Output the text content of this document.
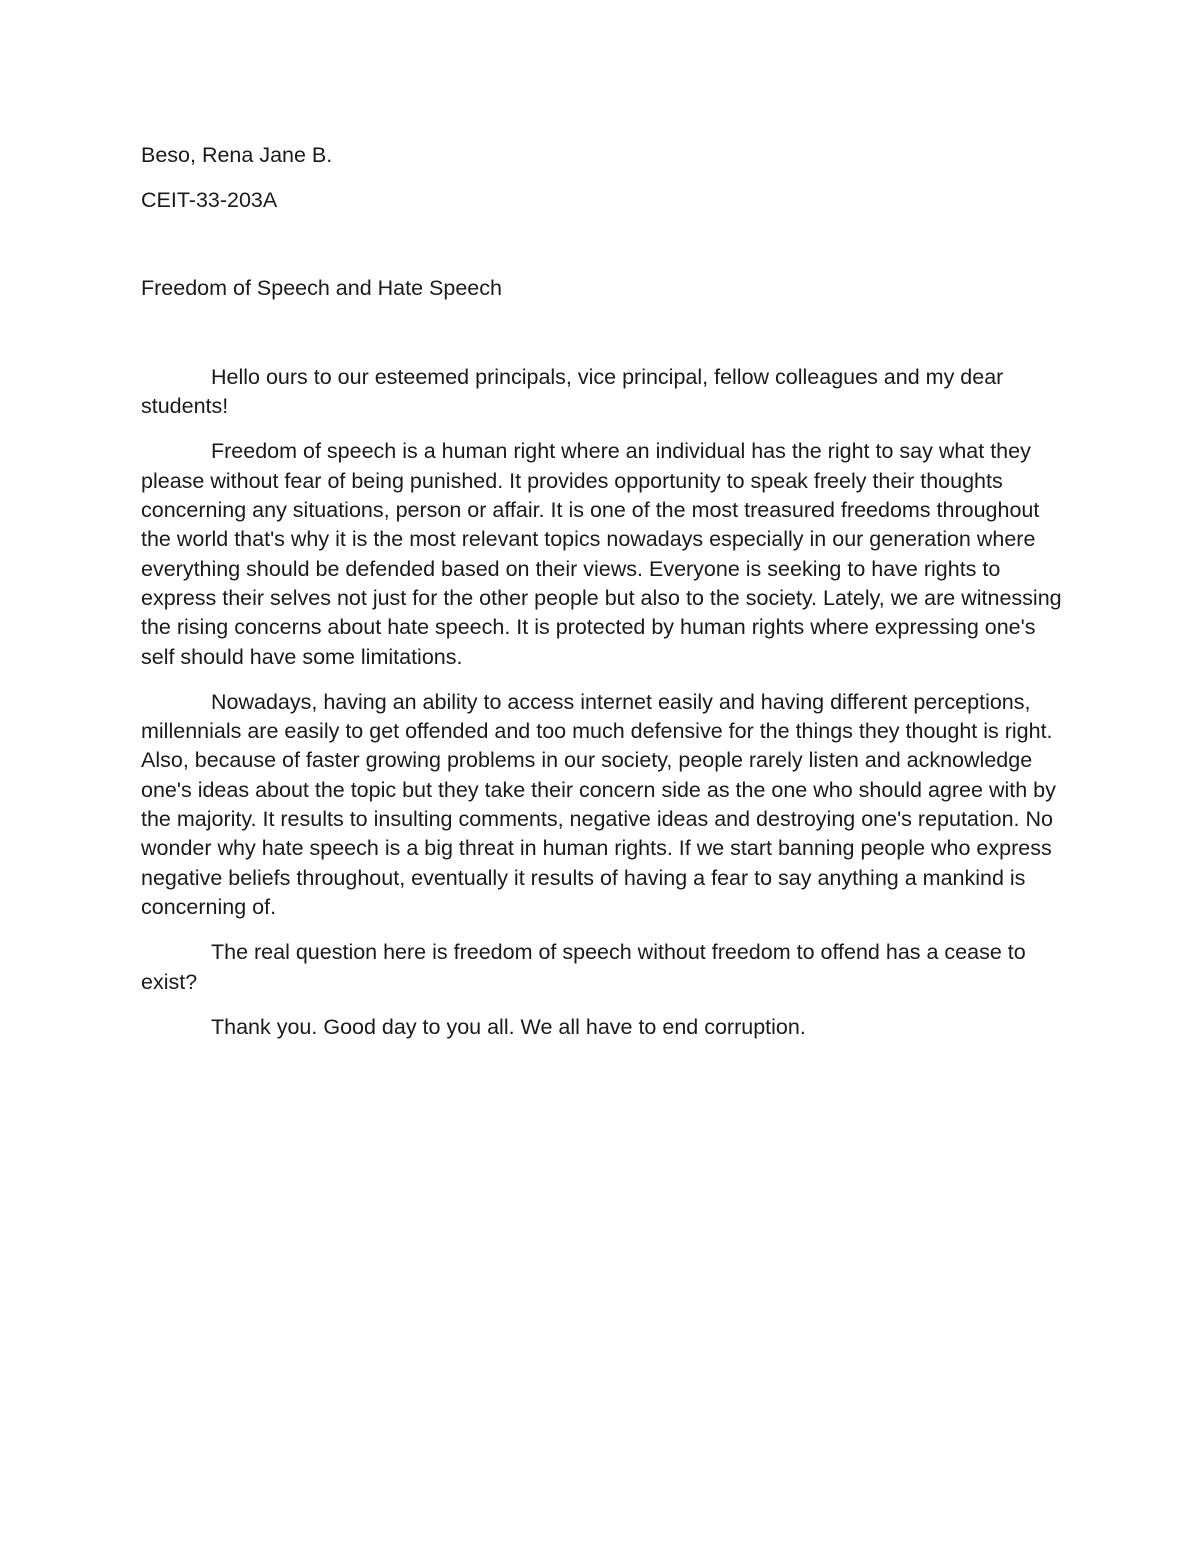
Beso, Rena Jane B.

CEIT-33-203A

Freedom of Speech and Hate Speech

Hello ours to our esteemed principals, vice principal, fellow colleagues and my dear students!

Freedom of speech is a human right where an individual has the right to say what they please without fear of being punished. It provides opportunity to speak freely their thoughts concerning any situations, person or affair. It is one of the most treasured freedoms throughout the world that's why it is the most relevant topics nowadays especially in our generation where everything should be defended based on their views. Everyone is seeking to have rights to express their selves not just for the other people but also to the society. Lately, we are witnessing the rising concerns about hate speech. It is protected by human rights where expressing one's self should have some limitations.

Nowadays, having an ability to access internet easily and having different perceptions, millennials are easily to get offended and too much defensive for the things they thought is right. Also, because of faster growing problems in our society, people rarely listen and acknowledge one's ideas about the topic but they take their concern side as the one who should agree with by the majority. It results to insulting comments, negative ideas and destroying one's reputation. No wonder why hate speech is a big threat in human rights. If we start banning people who express negative beliefs throughout, eventually it results of having a fear to say anything a mankind is concerning of.

The real question here is freedom of speech without freedom to offend has a cease to exist?

Thank you. Good day to you all. We all have to end corruption.
